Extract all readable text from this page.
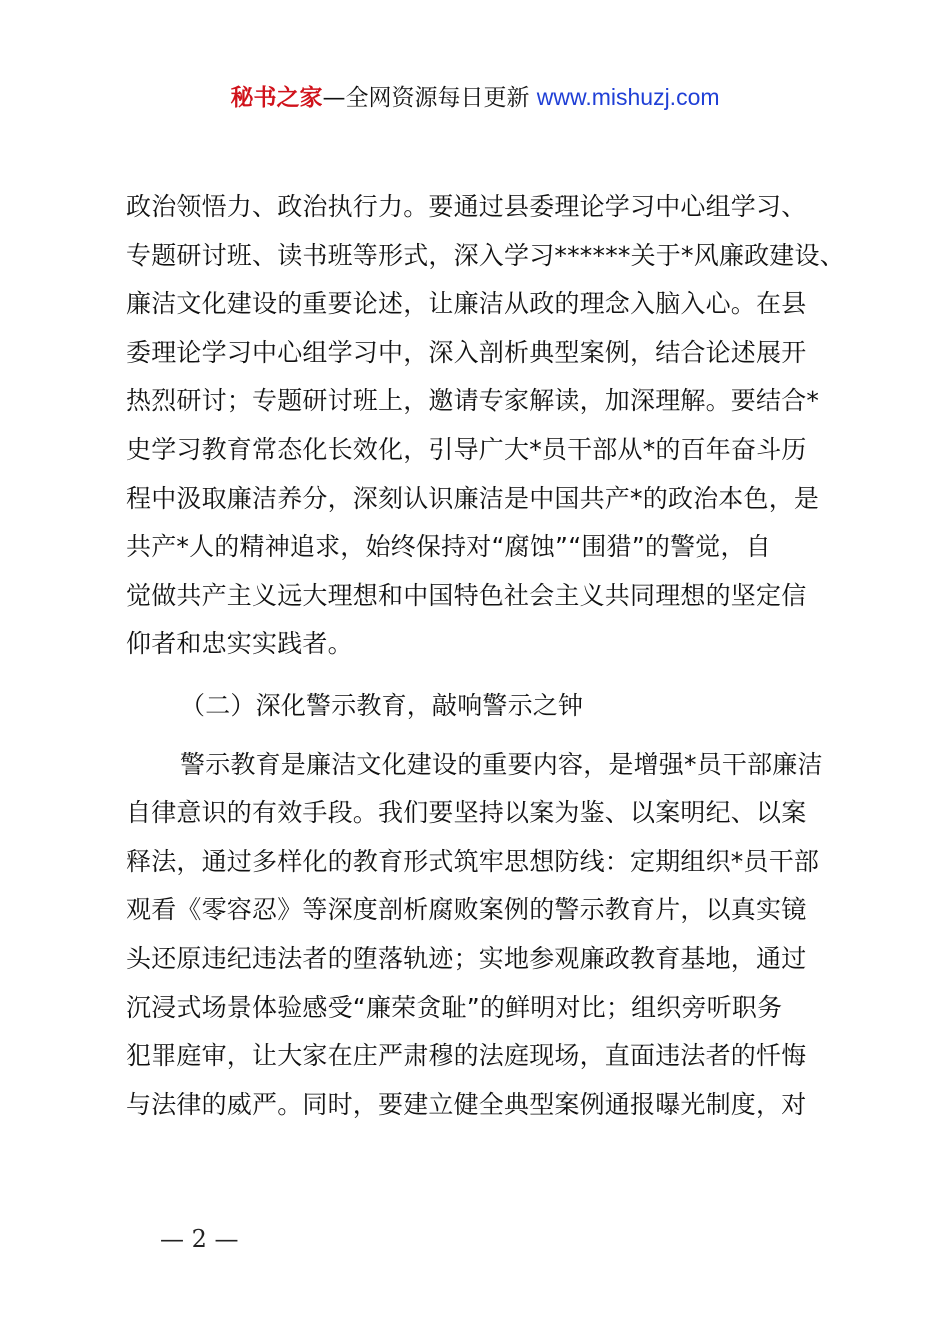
秘书之家—全网资源每日更新 www.mishuzj.com
政治领悟力、政治执行力。要通过县委理论学习中心组学习、
专题研讨班、读书班等形式，深入学习******关于*风廉政建设、
廉洁文化建设的重要论述，让廉洁从政的理念入脑入心。在县
委理论学习中心组学习中，深入剖析典型案例，结合论述展开
热烈研讨；专题研讨班上，邀请专家解读，加深理解。要结合*
史学习教育常态化长效化，引导广大*员干部从*的百年奋斗历
程中汲取廉洁养分，深刻认识廉洁是中国共产*的政治本色，是
共产*人的精神追求，始终保持对“腐蚀”“围猎”的警觉，自
觉做共产主义远大理想和中国特色社会主义共同理想的坚定信
仰者和忠实实践者。
（二）深化警示教育，敲响警示之钟
警示教育是廉洁文化建设的重要内容，是增强*员干部廉洁
自律意识的有效手段。我们要坚持以案为鉴、以案明纪、以案
释法，通过多样化的教育形式筑牢思想防线：定期组织*员干部
观看《零容忍》等深度剖析腐败案例的警示教育片，以真实镜
头还原违纪违法者的堕落轨迹；实地参观廉政教育基地，通过
沉浸式场景体验感受“廉荣贪耻”的鲜明对比；组织旁听职务
犯罪庭审，让大家在庄严肃穆的法庭现场，直面违法者的忏悔
与法律的威严。同时，要建立健全典型案例通报曝光制度，对
— 2 —
